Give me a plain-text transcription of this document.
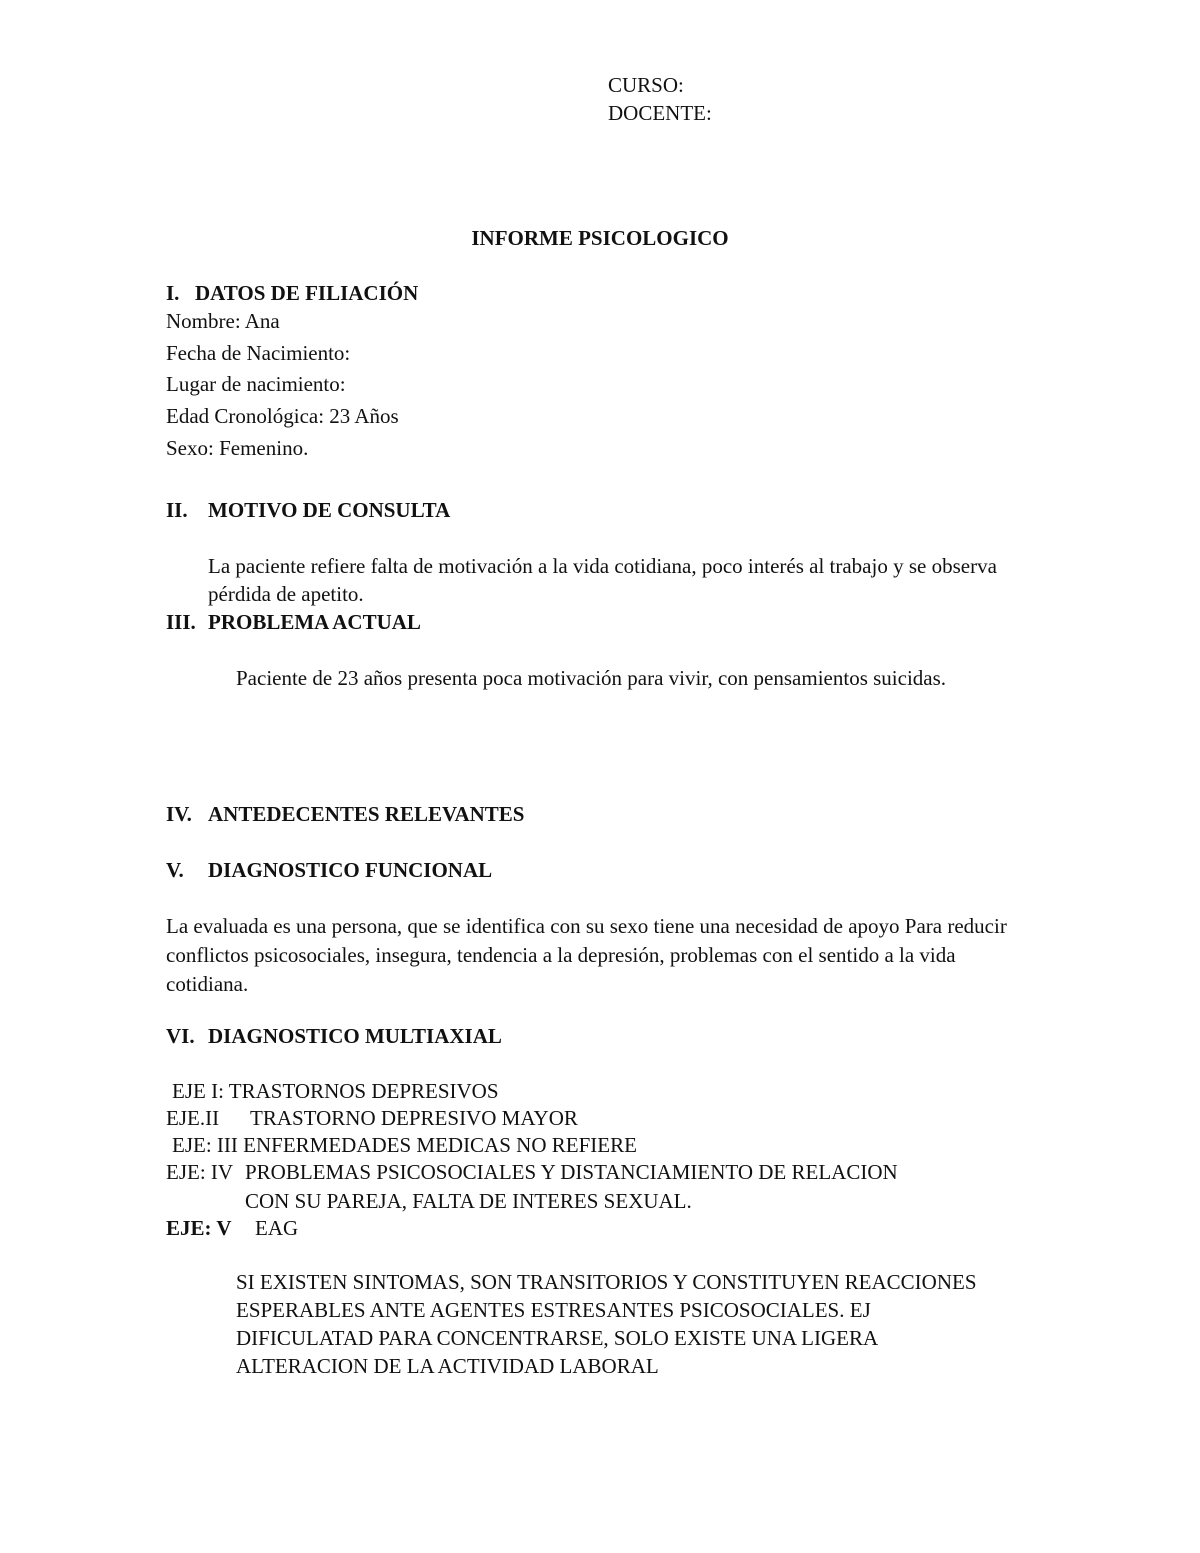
CURSO:
DOCENTE:
INFORME PSICOLOGICO
I. DATOS DE FILIACIÓN
Nombre: Ana
Fecha de Nacimiento:
Lugar de nacimiento:
Edad Cronológica: 23 Años
Sexo: Femenino.
II. MOTIVO DE CONSULTA
La paciente refiere falta de motivación a la vida cotidiana, poco interés al trabajo y se observa pérdida de apetito.
III. PROBLEMA ACTUAL
Paciente de 23 años presenta poca motivación para vivir, con pensamientos suicidas.
IV. ANTEDECENTES RELEVANTES
V. DIAGNOSTICO FUNCIONAL
La evaluada es una persona, que se identifica con su sexo tiene una necesidad de apoyo Para reducir conflictos psicosociales, insegura, tendencia a la depresión, problemas con el sentido a la vida cotidiana.
VI. DIAGNOSTICO MULTIAXIAL
EJE I: TRASTORNOS DEPRESIVOS
EJE.II TRASTORNO DEPRESIVO MAYOR
EJE: III ENFERMEDADES MEDICAS NO REFIERE
EJE: IV PROBLEMAS PSICOSOCIALES Y DISTANCIAMIENTO DE RELACION
CON SU PAREJA, FALTA DE INTERES SEXUAL.
EJE: V EAG
SI EXISTEN SINTOMAS, SON TRANSITORIOS Y CONSTITUYEN REACCIONES
ESPERABLES ANTE AGENTES ESTRESANTES PSICOSOCIALES. EJ
DIFICULATAD PARA CONCENTRARSE, SOLO EXISTE UNA LIGERA
ALTERACION DE LA ACTIVIDAD LABORAL
